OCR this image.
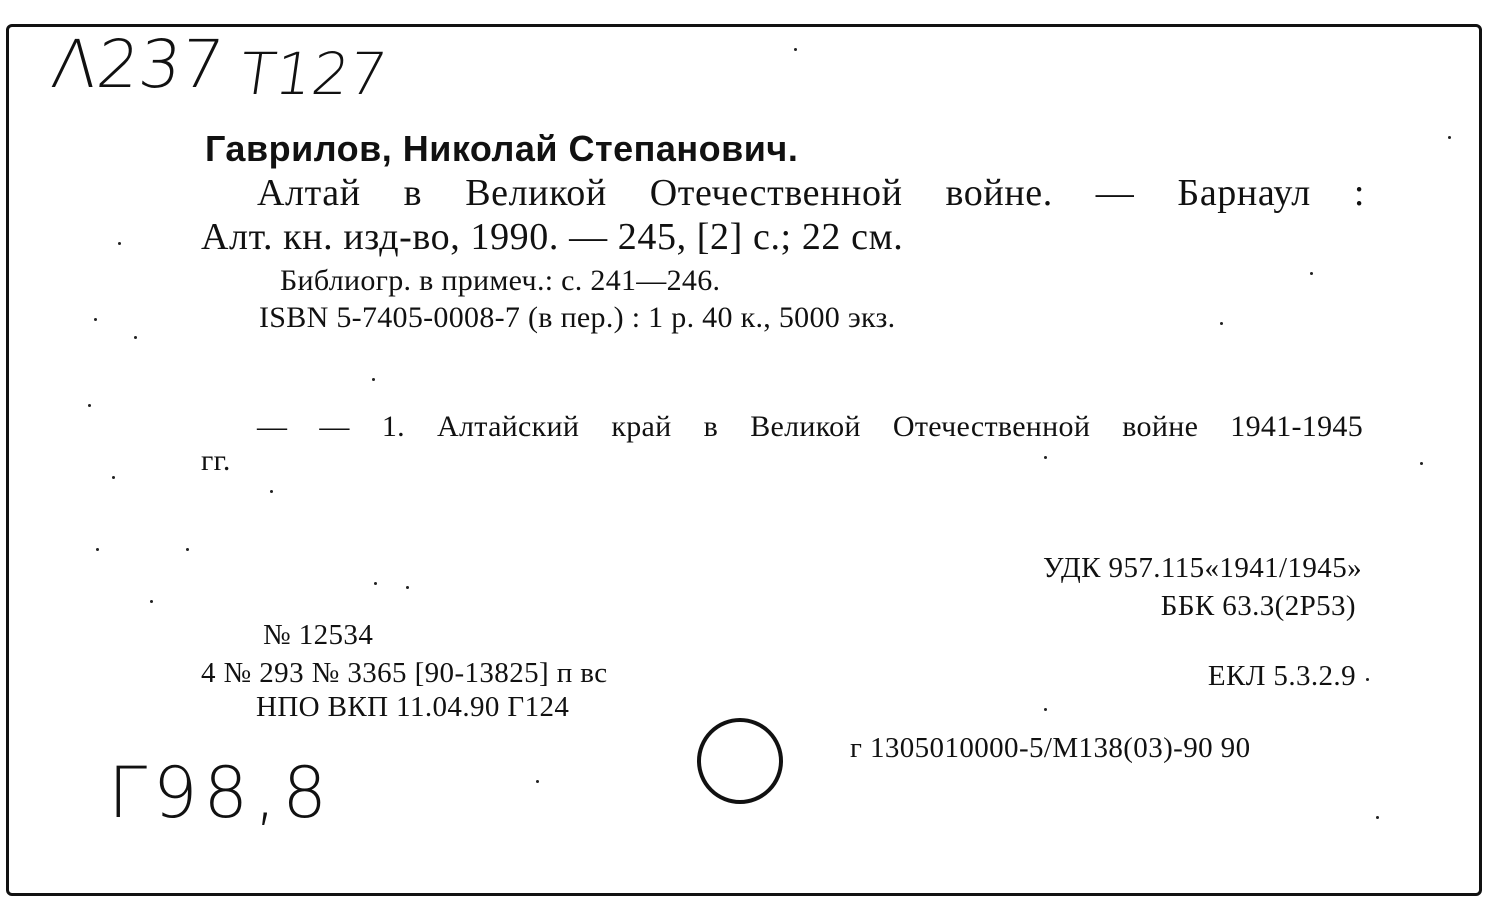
Λ237 Т127
Г98,8
Гаврилов, Николай Степанович.
Алтай в Великой Отечественной войне. — Барнаул :
Алт. кн. изд-во, 1990. — 245, [2] с.; 22 см.
Библиогр. в примеч.: с. 241—246.
ISBN 5-7405-0008-7 (в пер.) : 1 р. 40 к., 5000 экз.
— — 1. Алтайский край в Великой Отечественной войне 1941-1945
гг.
УДК 957.115«1941/1945»
ББК 63.3(2Р53)
№ 12534
4 № 293 № 3365 [90-13825] п вс
НПО ВКП 11.04.90 Г124
ЕКЛ 5.3.2.9
г 1305010000-5/М138(03)-90 90
